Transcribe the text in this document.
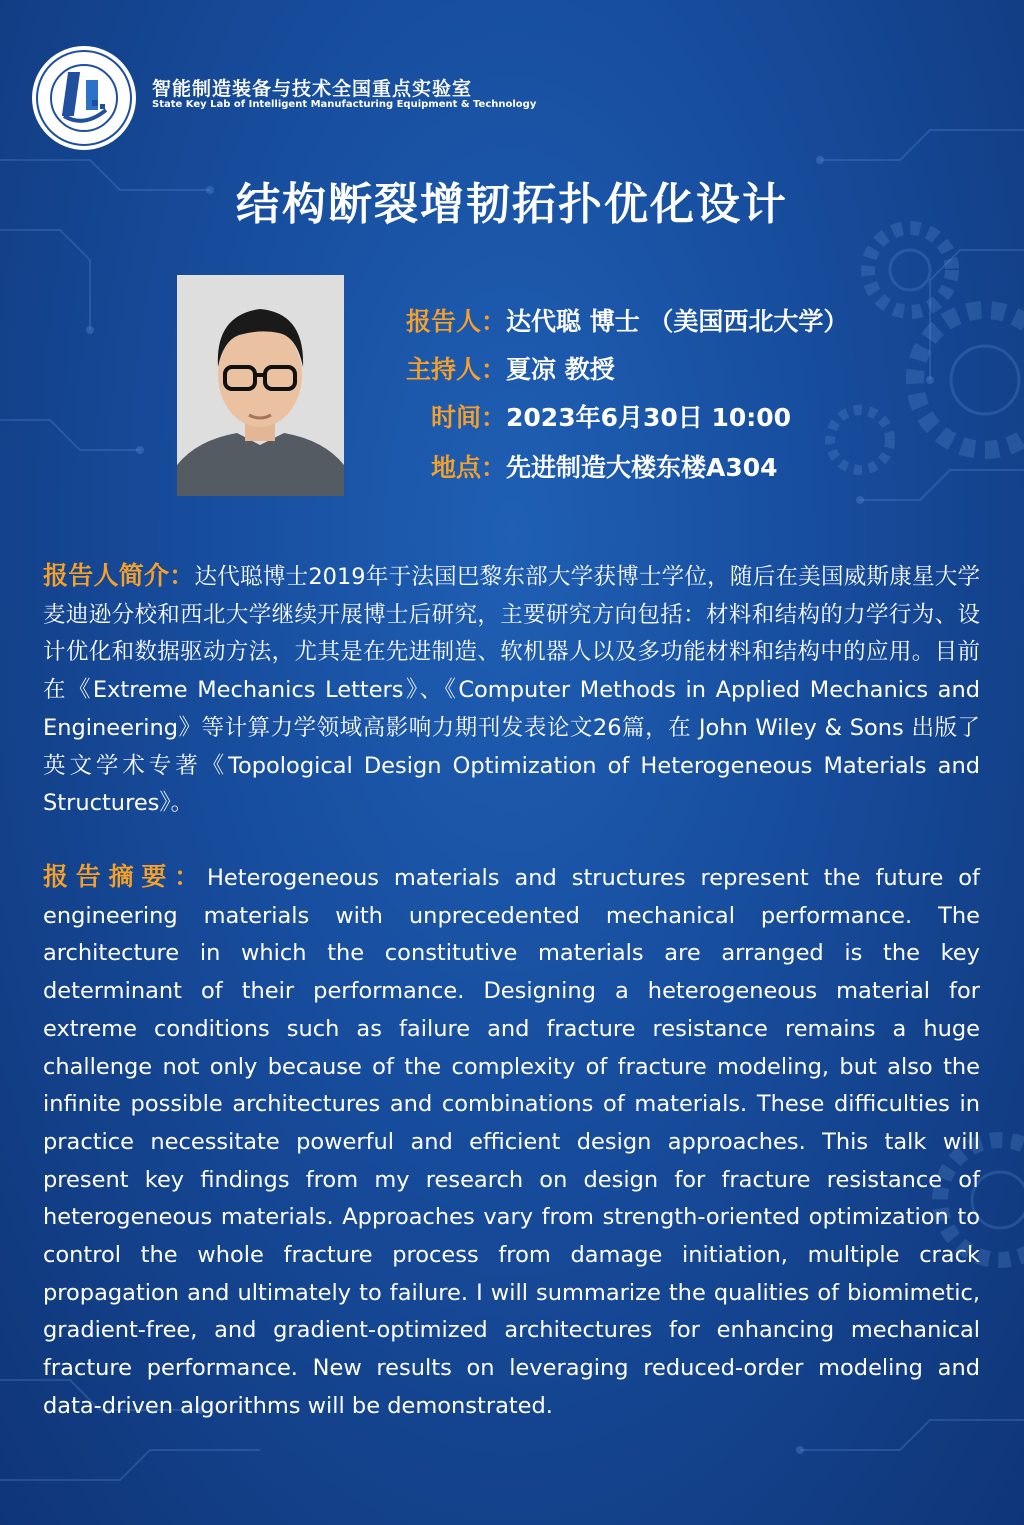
智能制造装备与技术全国重点实验室
State Key Lab of Intelligent Manufacturing Equipment & Technology
结构断裂增韧拓扑优化设计
报告人：达代聪 博士 （美国西北大学）
主持人：夏凉 教授
时间：2023年6月30日 10:00
地点：先进制造大楼东楼A304
报告人简介：达代聪博士2019年于法国巴黎东部大学获博士学位，随后在美国威斯康星大学麦迪逊分校和西北大学继续开展博士后研究，主要研究方向包括：材料和结构的力学行为、设计优化和数据驱动方法，尤其是在先进制造、软机器人以及多功能材料和结构中的应用。目前在《Extreme Mechanics Letters》、《Computer Methods in Applied Mechanics and Engineering》等计算力学领域高影响力期刊发表论文26篇，在 John Wiley & Sons 出版了英文学术专著《Topological Design Optimization of Heterogeneous Materials and Structures》。
报告摘要：Heterogeneous materials and structures represent the future of engineering materials with unprecedented mechanical performance. The architecture in which the constitutive materials are arranged is the key determinant of their performance. Designing a heterogeneous material for extreme conditions such as failure and fracture resistance remains a huge challenge not only because of the complexity of fracture modeling, but also the infinite possible architectures and combinations of materials. These difficulties in practice necessitate powerful and efficient design approaches. This talk will present key findings from my research on design for fracture resistance of heterogeneous materials. Approaches vary from strength-oriented optimization to control the whole fracture process from damage initiation, multiple crack propagation and ultimately to failure. I will summarize the qualities of biomimetic, gradient-free, and gradient-optimized architectures for enhancing mechanical fracture performance. New results on leveraging reduced-order modeling and data-driven algorithms will be demonstrated.
